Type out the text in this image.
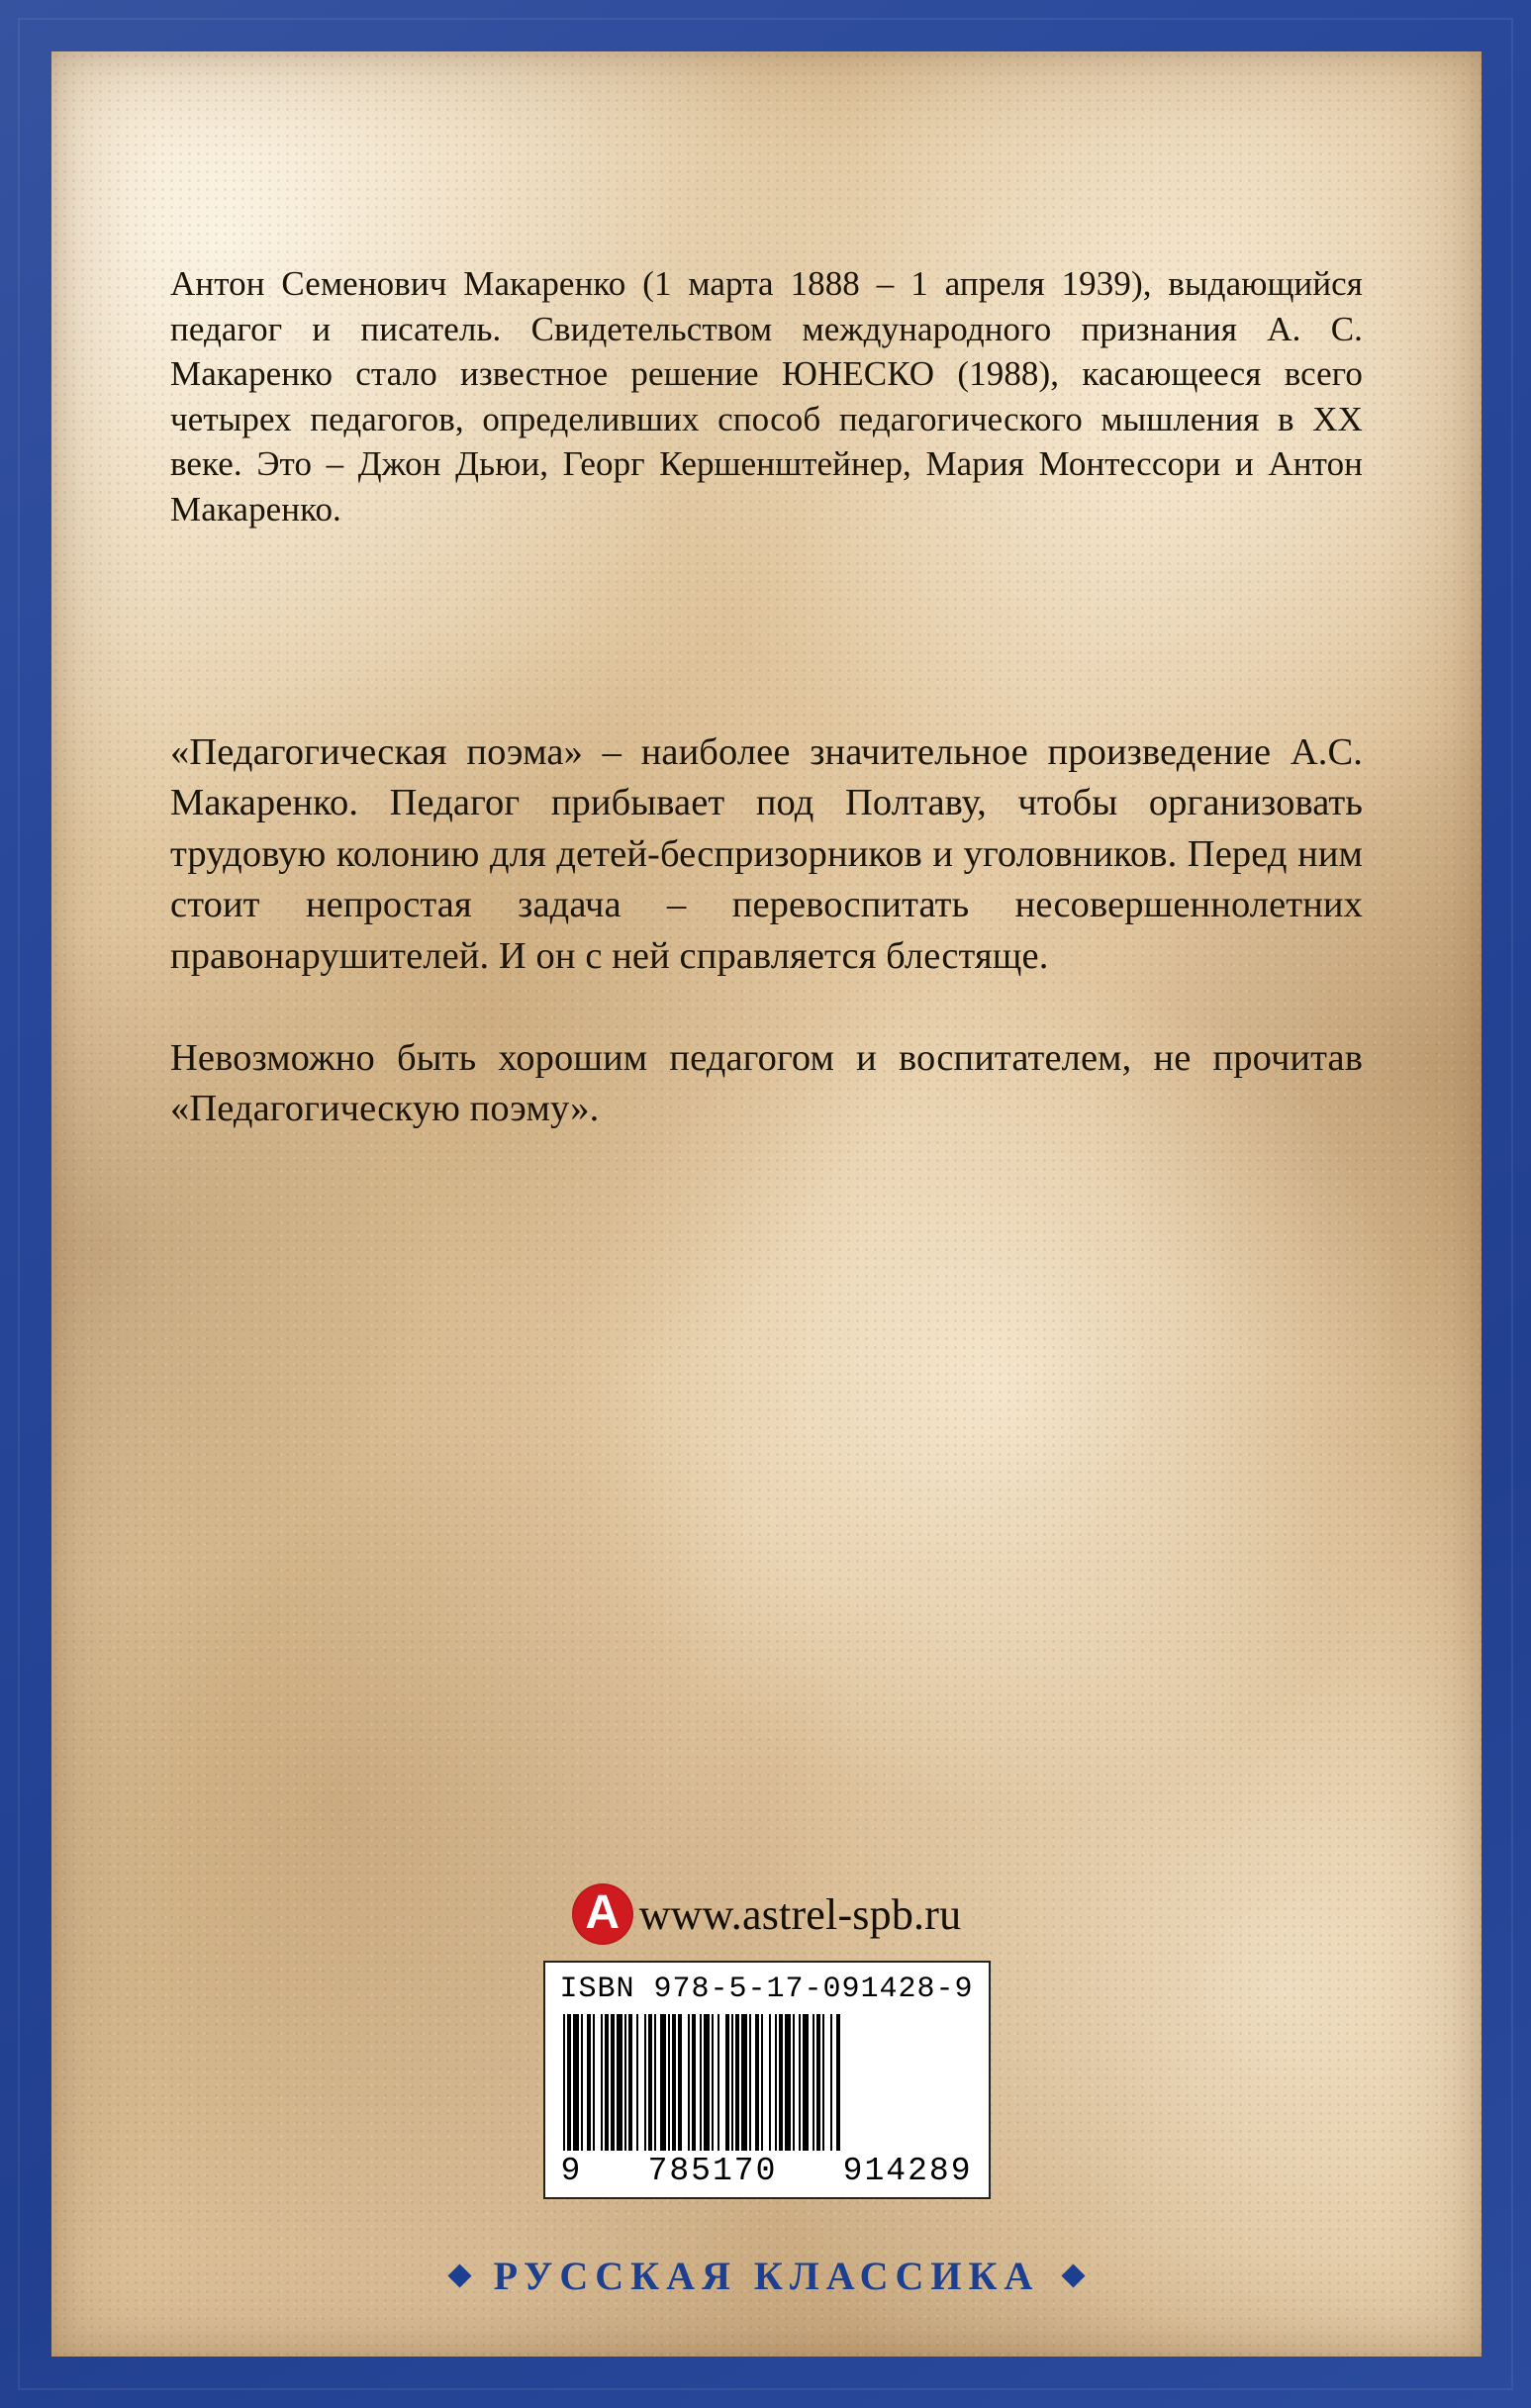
Антон Семенович Макаренко (1 марта 1888 – 1 апреля 1939), выдающийся педагог и писатель. Свидетельством международного признания А. С. Макаренко стало известное решение ЮНЕСКО (1988), касающееся всего четырех педагогов, определивших способ педагогического мышления в XX веке. Это – Джон Дьюи, Георг Кершенштейнер, Мария Монтессори и Антон Макаренко.

«Педагогическая поэма» – наиболее значительное произведение А.С. Макаренко. Педагог прибывает под Полтаву, чтобы организовать трудовую колонию для детей-беспризорников и уголовников. Перед ним стоит непростая задача – перевоспитать несовершеннолетних правонарушителей. И он с ней справляется блестяще.

Невозможно быть хорошим педагогом и воспитателем, не прочитав «Педагогическую поэму».

А www.astrel-spb.ru
ISBN 978-5-17-091428-9
9 785170 914289
РУССКАЯ КЛАССИКА
